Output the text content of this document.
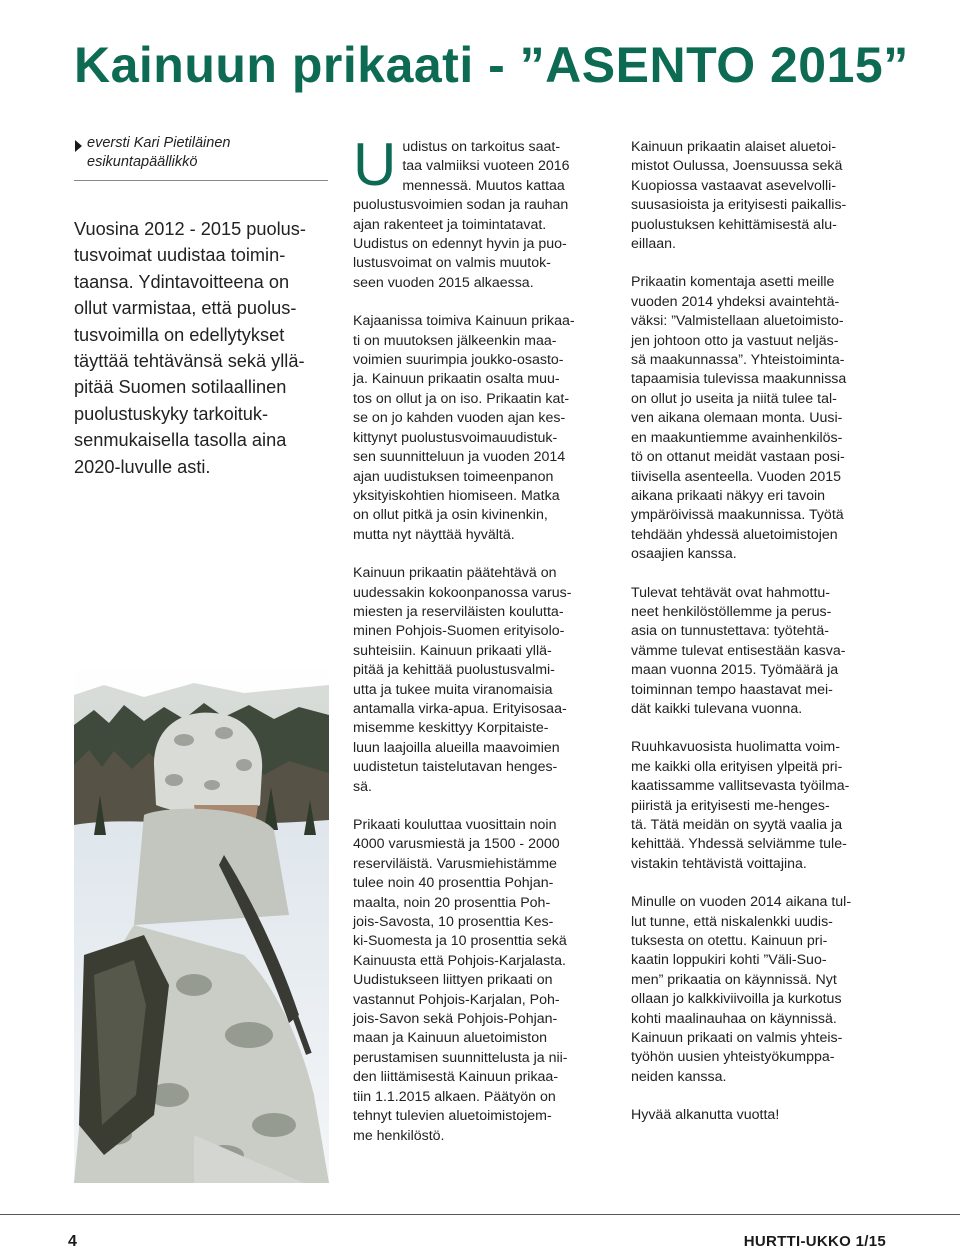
Kainuun prikaati - ”ASENTO 2015”
eversti Kari Pietiläinen
esikuntapäällikkö
Vuosina 2012 - 2015 puolus-
tusvoimat uudistaa toimin-
taansa. Ydintavoitteena on
ollut varmistaa, että puolus-
tusvoimilla on edellytykset
täyttää tehtävänsä sekä yllä-
pitää Suomen sotilaallinen
puolustuskyky tarkoituk-
senmukaisella tasolla aina
2020-luvulle asti.

U udistus on tarkoitus saat-
taa valmiiksi vuoteen 2016
mennessä. Muutos kattaa
puolustusvoimien sodan ja rauhan
ajan rakenteet ja toimintatavat.
Uudistus on edennyt hyvin ja puo-
lustusvoimat on valmis muutok-
seen vuoden 2015 alkaessa.

Kajaanissa toimiva Kainuun prikaa-
ti on muutoksen jälkeenkin maa-
voimien suurimpia joukko-osasto-
ja. Kainuun prikaatin osalta muu-
tos on ollut ja on iso. Prikaatin kat-
se on jo kahden vuoden ajan kes-
kittynyt puolustusvoimauudistuk-
sen suunnitteluun ja vuoden 2014
ajan uudistuksen toimeenpanon
yksityiskohtien hiomiseen. Matka
on ollut pitkä ja osin kivinenkin,
mutta nyt näyttää hyvältä.

Kainuun prikaatin päätehtävä on
uudessakin kokoonpanossa varus-
miesten ja reserviläisten koulutta-
minen Pohjois-Suomen erityisolo-
suhteisiin. Kainuun prikaati yllä-
pitää ja kehittää puolustusvalmi-
utta ja tukee muita viranomaisia
antamalla virka-apua. Erityisosaa-
misemme keskittyy Korpitaiste-
luun laajoilla alueilla maavoimien
uudistetun taistelutavan henges-
sä.

Prikaati kouluttaa vuosittain noin
4000 varusmiestä ja 1500 - 2000
reserviläistä. Varusmiehistämme
tulee noin 40 prosenttia Pohjan-
maalta, noin 20 prosenttia Poh-
jois-Savosta, 10 prosenttia Kes-
ki-Suomesta ja 10 prosenttia sekä
Kainuusta että Pohjois-Karjalasta.
Uudistukseen liittyen prikaati on
vastannut Pohjois-Karjalan, Poh-
jois-Savon sekä Pohjois-Pohjan-
maan ja Kainuun aluetoimiston
perustamisen suunnittelusta ja nii-
den liittämisestä Kainuun prikaa-
tiin 1.1.2015 alkaen. Päätyön on
tehnyt tulevien aluetoimistojem-
me henkilöstö.

Kainuun prikaatin alaiset aluetoi-
mistot Oulussa, Joensuussa sekä
Kuopiossa vastaavat asevelvolli-
suusasioista ja erityisesti paikallis-
puolustuksen kehittämisestä alu-
eillaan.

Prikaatin komentaja asetti meille
vuoden 2014 yhdeksi avaintehtä-
väksi: ”Valmistellaan aluetoimisto-
jen johtoon otto ja vastuut neljäs-
sä maakunnassa”. Yhteistoiminta-
tapaamisia tulevissa maakunnissa
on ollut jo useita ja niitä tulee tal-
ven aikana olemaan monta. Uusi-
en maakuntiemme avainhenkilös-
tö on ottanut meidät vastaan posi-
tiivisella asenteella. Vuoden 2015
aikana prikaati näkyy eri tavoin
ympäröivissä maakunnissa. Työtä
tehdään yhdessä aluetoimistojen
osaajien kanssa.

Tulevat tehtävät ovat hahmottu-
neet henkilöstöllemme ja perus-
asia on tunnustettava: työtehtä-
vämme tulevat entisestään kasva-
maan vuonna 2015. Työmäärä ja
toiminnan tempo haastavat mei-
dät kaikki tulevana vuonna.

Ruuhkavuosista huolimatta voim-
me kaikki olla erityisen ylpeitä pri-
kaatissamme vallitsevasta työilma-
piiristä ja erityisesti me-henges-
tä. Tätä meidän on syytä vaalia ja
kehittää. Yhdessä selviämme tule-
vistakin tehtävistä voittajina.

Minulle on vuoden 2014 aikana tul-
lut tunne, että niskalenkki uudis-
tuksesta on otettu. Kainuun pri-
kaatin loppukiri kohti ”Väli-Suo-
men” prikaatia on käynnissä. Nyt
ollaan jo kalkkiviivoilla ja kurkotus
kohti maalinauhaa on käynnissä.
Kainuun prikaati on valmis yhteis-
työhön uusien yhteistyökumppa-
neiden kanssa.

Hyvää alkanutta vuotta!

4	HURTTI-UKKO 1/15
